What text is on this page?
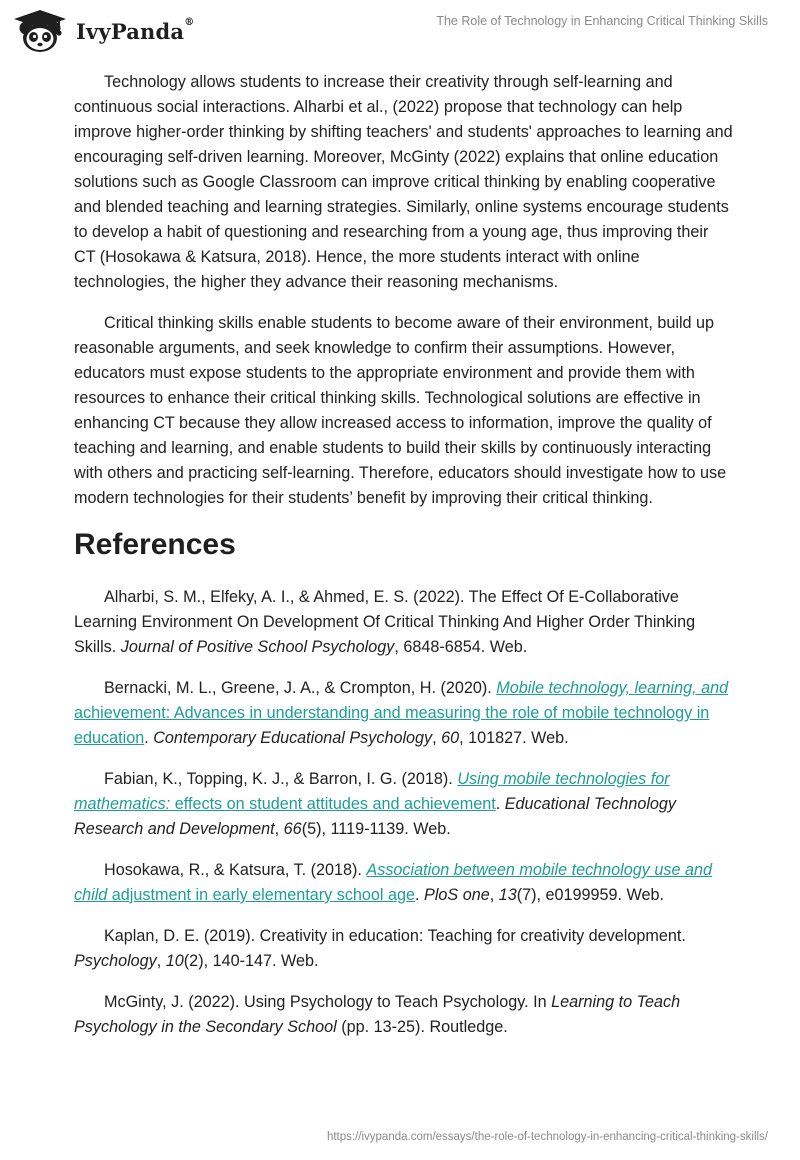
IvyPanda®	The Role of Technology in Enhancing Critical Thinking Skills

Technology allows students to increase their creativity through self-learning and continuous social interactions. Alharbi et al., (2022) propose that technology can help improve higher-order thinking by shifting teachers' and students' approaches to learning and encouraging self-driven learning. Moreover, McGinty (2022) explains that online education solutions such as Google Classroom can improve critical thinking by enabling cooperative and blended teaching and learning strategies. Similarly, online systems encourage students to develop a habit of questioning and researching from a young age, thus improving their CT (Hosokawa & Katsura, 2018). Hence, the more students interact with online technologies, the higher they advance their reasoning mechanisms.

Critical thinking skills enable students to become aware of their environment, build up reasonable arguments, and seek knowledge to confirm their assumptions. However, educators must expose students to the appropriate environment and provide them with resources to enhance their critical thinking skills. Technological solutions are effective in enhancing CT because they allow increased access to information, improve the quality of teaching and learning, and enable students to build their skills by continuously interacting with others and practicing self-learning. Therefore, educators should investigate how to use modern technologies for their students’ benefit by improving their critical thinking.

References

Alharbi, S. M., Elfeky, A. I., & Ahmed, E. S. (2022). The Effect Of E-Collaborative Learning Environment On Development Of Critical Thinking And Higher Order Thinking Skills. Journal of Positive School Psychology, 6848-6854. Web.

Bernacki, M. L., Greene, J. A., & Crompton, H. (2020). Mobile technology, learning, and achievement: Advances in understanding and measuring the role of mobile technology in education. Contemporary Educational Psychology, 60, 101827. Web.

Fabian, K., Topping, K. J., & Barron, I. G. (2018). Using mobile technologies for mathematics: effects on student attitudes and achievement. Educational Technology Research and Development, 66(5), 1119-1139. Web.

Hosokawa, R., & Katsura, T. (2018). Association between mobile technology use and child adjustment in early elementary school age. PloS one, 13(7), e0199959. Web.

Kaplan, D. E. (2019). Creativity in education: Teaching for creativity development. Psychology, 10(2), 140-147. Web.

McGinty, J. (2022). Using Psychology to Teach Psychology. In Learning to Teach Psychology in the Secondary School (pp. 13-25). Routledge.

https://ivypanda.com/essays/the-role-of-technology-in-enhancing-critical-thinking-skills/
